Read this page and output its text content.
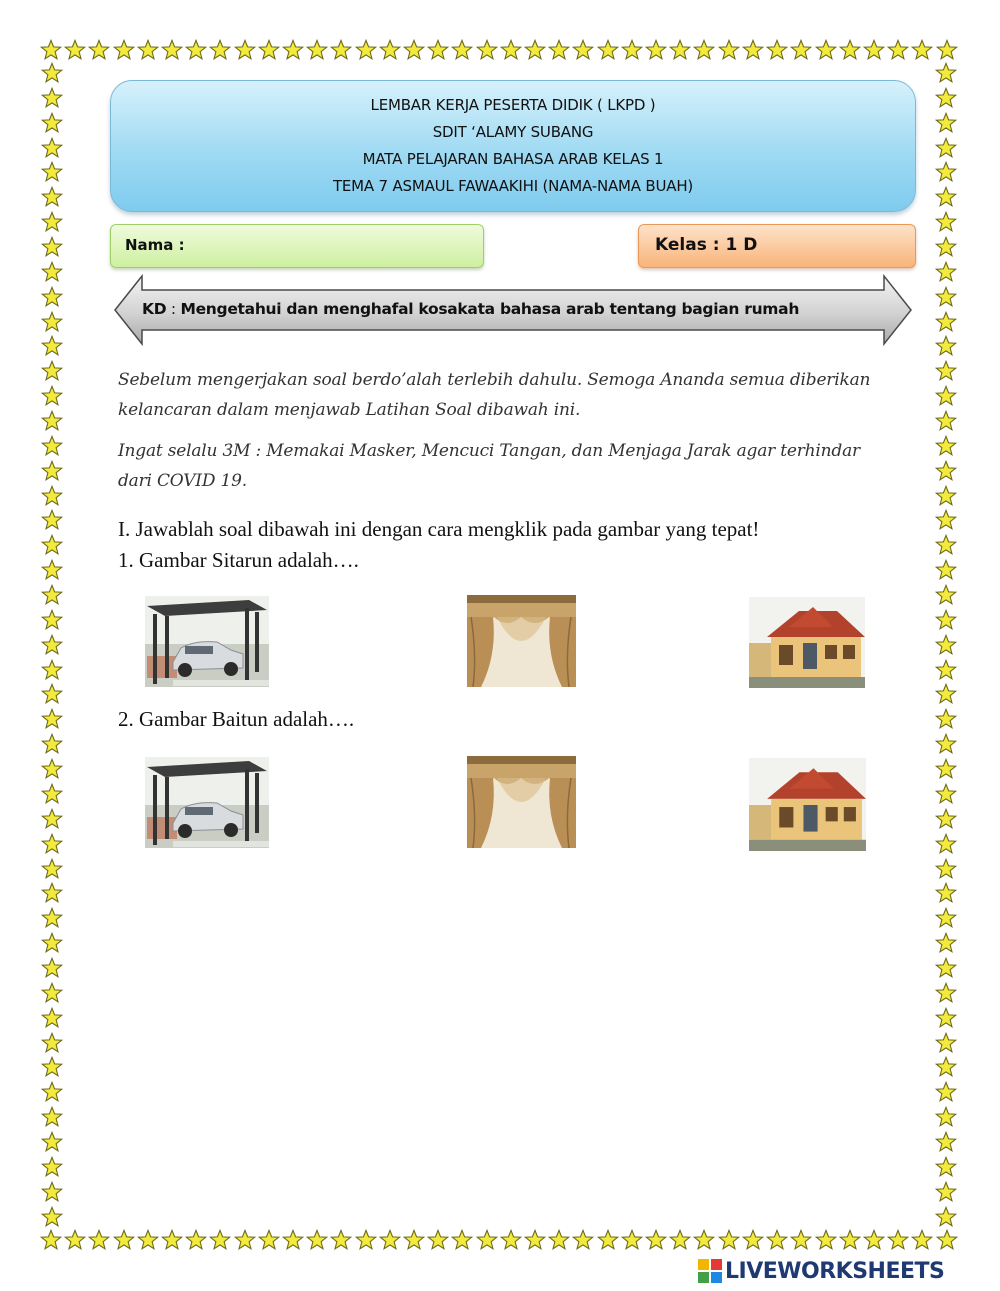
LEMBAR KERJA PESERTA DIDIK ( LKPD )
SDIT ‘ALAMY SUBANG
MATA PELAJARAN BAHASA ARAB KELAS 1
TEMA 7 ASMAUL FAWAAKIHI (NAMA-NAMA BUAH)
Nama :	Kelas : 1 D
KD : Mengetahui dan menghafal kosakata bahasa arab tentang bagian rumah
Sebelum mengerjakan soal berdo’alah terlebih dahulu. Semoga Ananda semua diberikan kelancaran dalam menjawab Latihan Soal dibawah ini.
Ingat selalu 3M : Memakai Masker, Mencuci Tangan, dan Menjaga Jarak agar terhindar dari COVID 19.
I. Jawablah soal dibawah ini dengan cara mengklik pada gambar yang tepat!
1. Gambar Sitarun adalah….
2. Gambar Baitun adalah….
LIVEWORKSHEETS
